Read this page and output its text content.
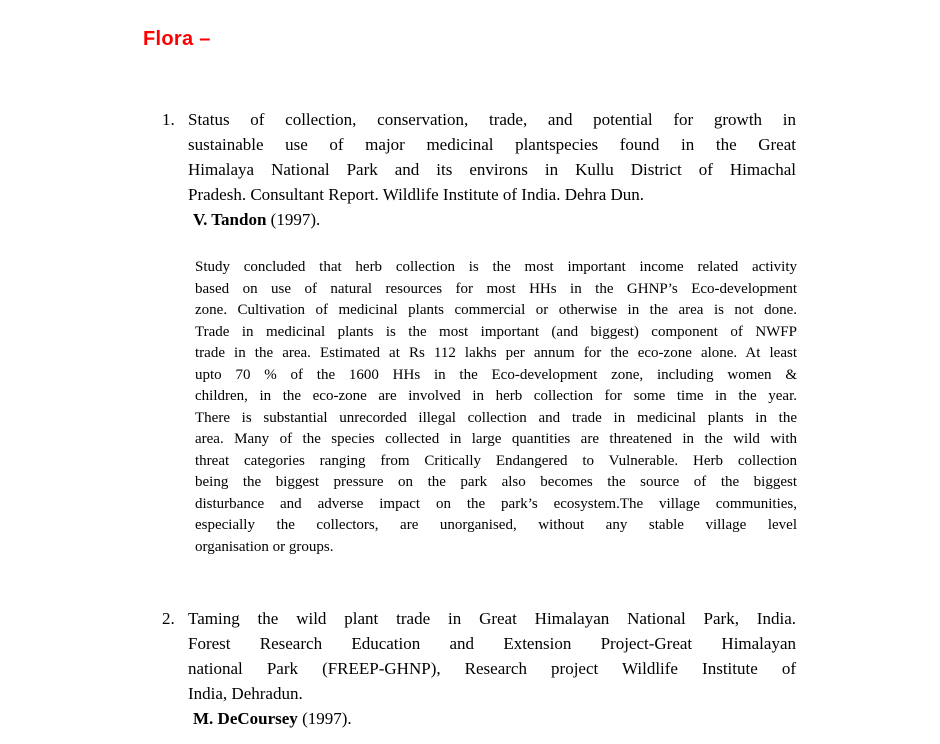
Flora –
1. Status of collection, conservation, trade, and potential for growth in
sustainable use of major medicinal plantspecies found in the Great
Himalaya National Park and its environs in Kullu District of Himachal
Pradesh. Consultant Report. Wildlife Institute of India. Dehra Dun.
V. Tandon (1997).
Study concluded that herb collection is the most important income related activity
based on use of natural resources for most HHs in the GHNP’s Eco-development
zone. Cultivation of medicinal plants commercial or otherwise in the area is not done.
Trade in medicinal plants is the most important (and biggest) component of NWFP
trade in the area. Estimated at Rs 112 lakhs per annum for the eco-zone alone. At least
upto 70 % of the 1600 HHs in the Eco-development zone, including women &
children, in the eco-zone are involved in herb collection for some time in the year.
There is substantial unrecorded illegal collection and trade in medicinal plants in the
area. Many of the species collected in large quantities are threatened in the wild with
threat categories ranging from Critically Endangered to Vulnerable. Herb collection
being the biggest pressure on the park also becomes the source of the biggest
disturbance and adverse impact on the park’s ecosystem.The village communities,
especially the collectors, are unorganised, without any stable village level
organisation or groups.
2. Taming the wild plant trade in Great Himalayan National Park, India.
Forest Research Education and Extension Project-Great Himalayan
national Park (FREEP-GHNP), Research project Wildlife Institute of
India, Dehradun.
M. DeCoursey (1997).
